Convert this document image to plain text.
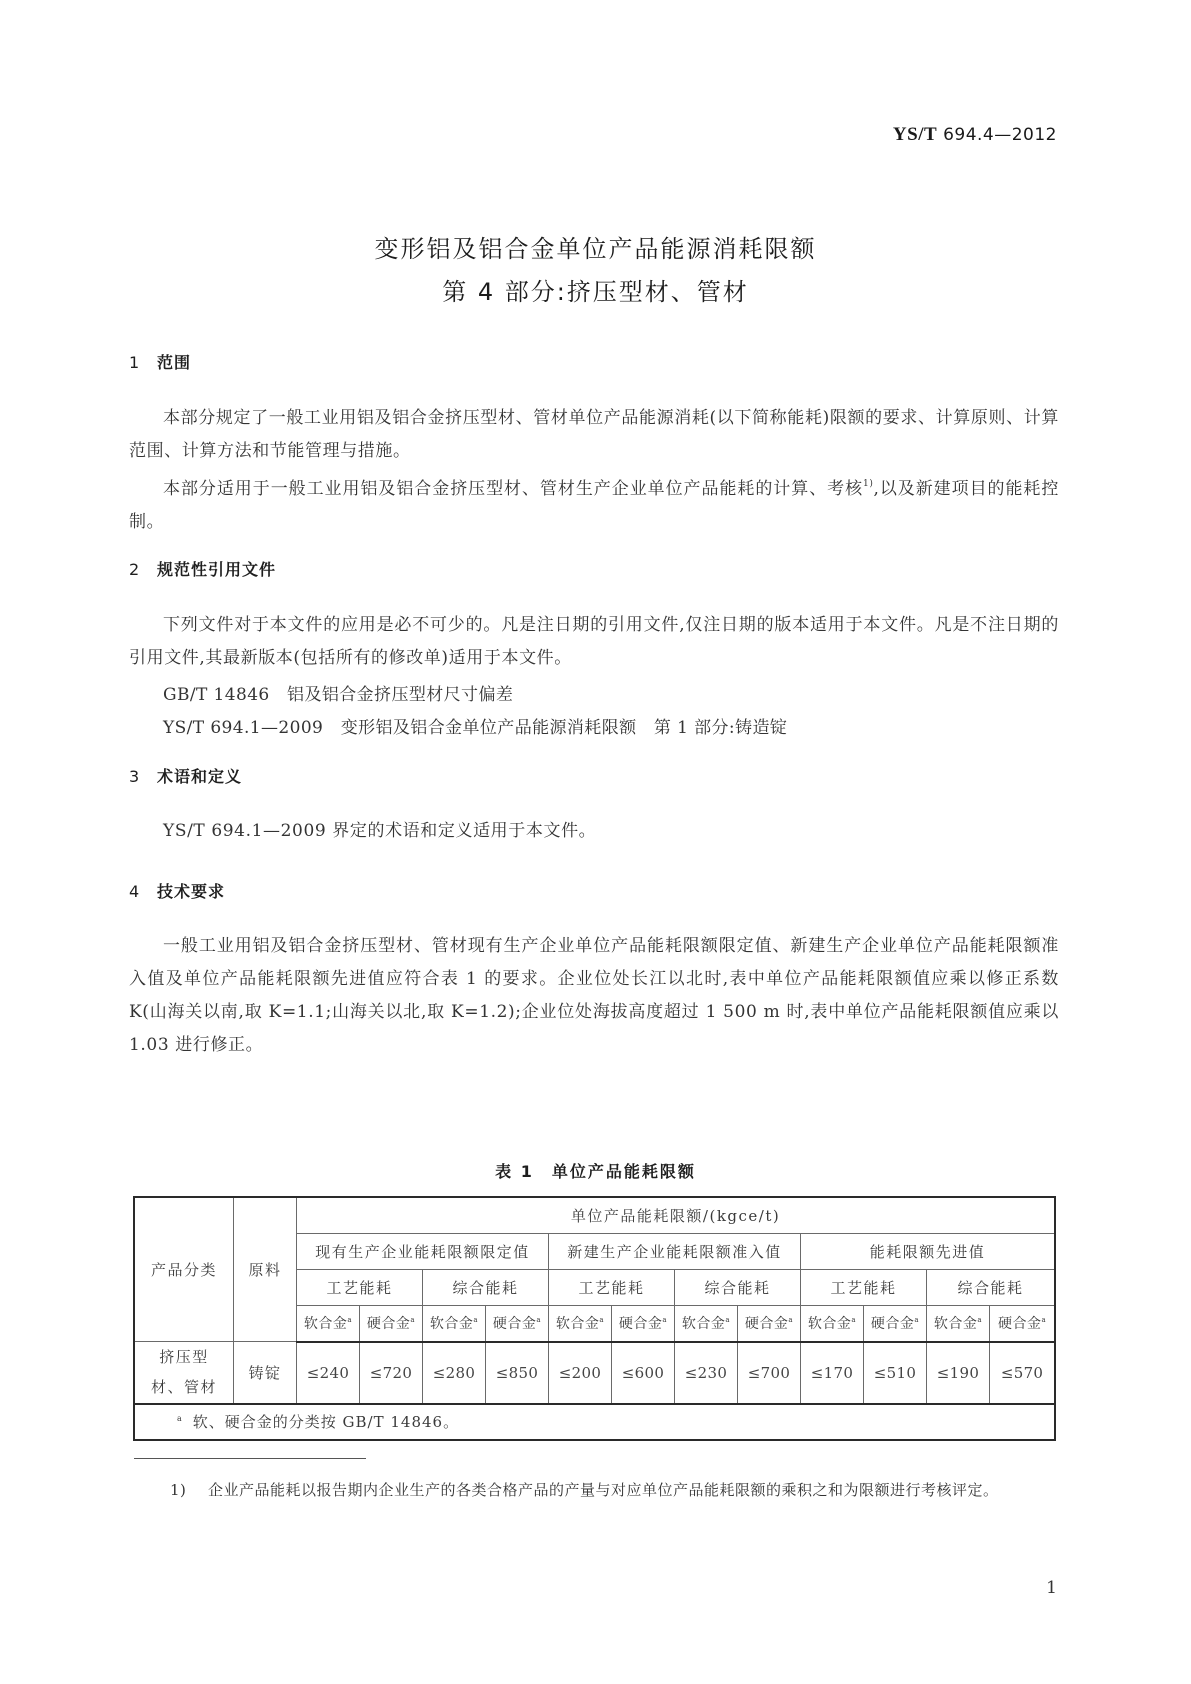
YS/T 694.4—2012
变形铝及铝合金单位产品能源消耗限额
第 4 部分:挤压型材、管材
1 范围
本部分规定了一般工业用铝及铝合金挤压型材、管材单位产品能源消耗(以下简称能耗)限额的要求、计算原则、计算范围、计算方法和节能管理与措施。
本部分适用于一般工业用铝及铝合金挤压型材、管材生产企业单位产品能耗的计算、考核$^{1)}$,以及新建项目的能耗控制。
2 规范性引用文件
下列文件对于本文件的应用是必不可少的。凡是注日期的引用文件,仅注日期的版本适用于本文件。凡是不注日期的引用文件,其最新版本(包括所有的修改单)适用于本文件。
GB/T 14846 铝及铝合金挤压型材尺寸偏差
YS/T 694.1—2009 变形铝及铝合金单位产品能源消耗限额　第 1 部分:铸造锭
3 术语和定义
YS/T 694.1—2009 界定的术语和定义适用于本文件。
4 技术要求
一般工业用铝及铝合金挤压型材、管材现有生产企业单位产品能耗限额限定值、新建生产企业单位产品能耗限额准入值及单位产品能耗限额先进值应符合表 1 的要求。企业位处长江以北时,表中单位产品能耗限额值应乘以修正系数 K(山海关以南,取 K=1.1;山海关以北,取 K=1.2);企业位处海拔高度超过 1 500 m 时,表中单位产品能耗限额值应乘以 1.03 进行修正。
表 1　单位产品能耗限额
产品分类	原料	单位产品能耗限额/(kgce/t)											
		现有生产企业能耗限额限定值				新建生产企业能耗限额准入值				能耗限额先进值			
		工艺能耗		综合能耗		工艺能耗		综合能耗		工艺能耗		综合能耗	
		软合金$^a$	硬合金$^a$	软合金$^a$	硬合金$^a$	软合金$^a$	硬合金$^a$	软合金$^a$	硬合金$^a$	软合金$^a$	硬合金$^a$	软合金$^a$	硬合金$^a$
挤压型
材、管材	铸锭	≤240	≤720	≤280	≤850	≤200	≤600	≤230	≤700	≤170	≤510	≤190	≤570
$^a$ 软、硬合金的分类按 GB/T 14846。													
1) 企业产品能耗以报告期内企业生产的各类合格产品的产量与对应单位产品能耗限额的乘积之和为限额进行考核评定。
1
